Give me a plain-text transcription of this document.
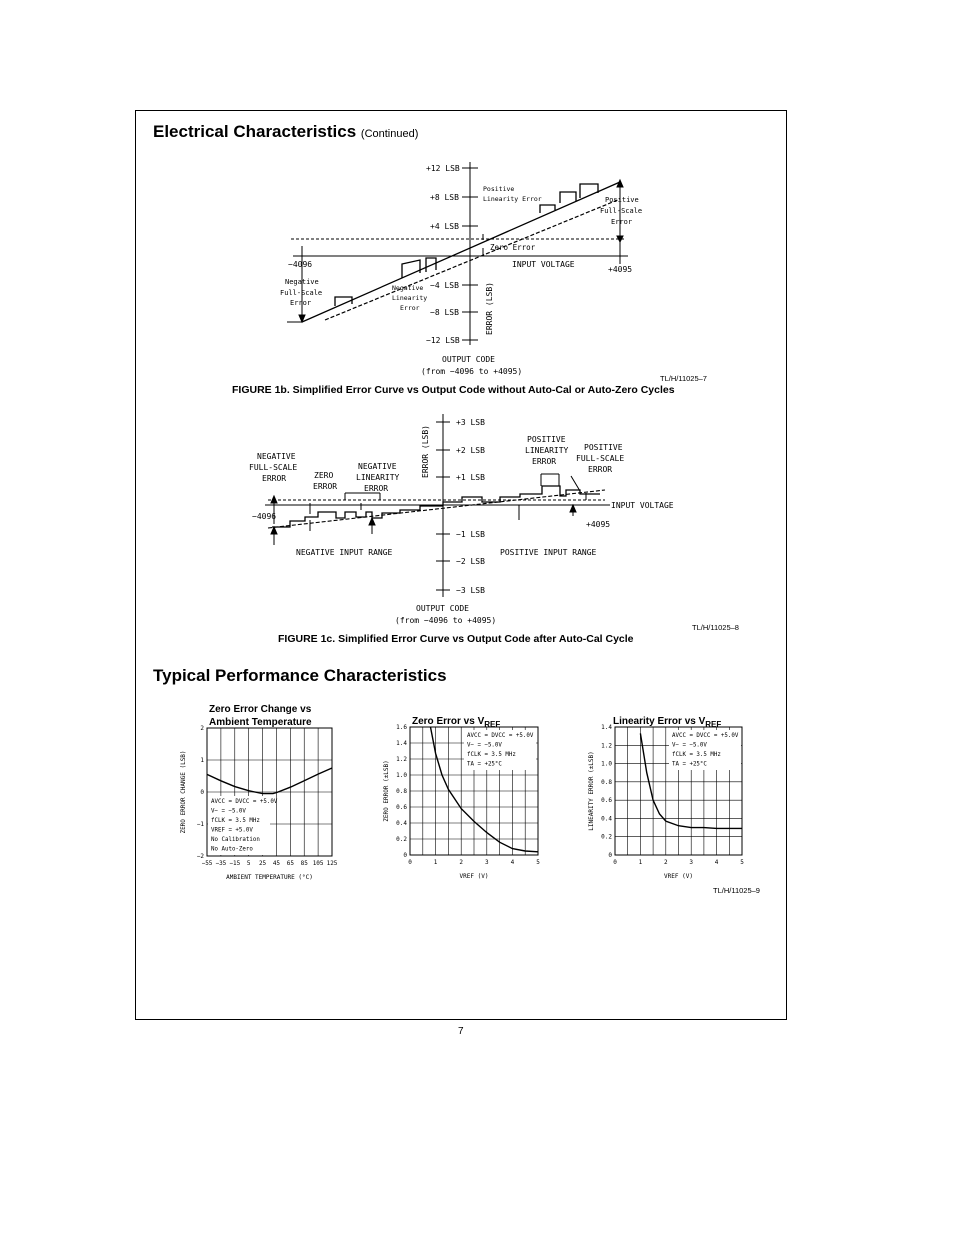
Electrical Characteristics (Continued)
+12 LSB
+8 LSB
+4 LSB
−4 LSB
−8 LSB
−12 LSB
−4096
+4095
INPUT VOLTAGE
Zero Error
Positive
Linearity Error	Positive
Full-Scale
Error
Negative
Full-Scale
Error
Negative
Linearity
Error	ERROR (LSB)
OUTPUT CODE
(from −4096 to +4095)
TL/H/11025–7
FIGURE 1b. Simplified Error Curve vs Output Code without Auto-Cal or Auto-Zero Cycles
+3 LSB
+2 LSB
+1 LSB
−1 LSB
−2 LSB
−3 LSB
ERROR (LSB)
−4096
+4095
INPUT VOLTAGE
NEGATIVE
FULL-SCALE
ERROR	ZERO
ERROR
NEGATIVE
LINEARITY
ERROR
POSITIVE
LINEARITY
ERROR
POSITIVE
FULL-SCALE
ERROR
NEGATIVE INPUT RANGE	POSITIVE INPUT RANGE
OUTPUT CODE
(from −4096 to +4095)
TL/H/11025–8
FIGURE 1c. Simplified Error Curve vs Output Code after Auto-Cal Cycle
Typical Performance Characteristics
Zero Error Change vs
Ambient Temperature	Zero Error vs $V_{REF}$	Linearity Error vs $V_{REF}$
TL/H/11025–9
−55 −35 −15 5 25 45 65 85 105 125
2
1
0
−1
−2
AMBIENT TEMPERATURE (°C)
ZERO ERROR CHANGE (LSB)	AVCC = DVCC = +5.0V
V− = −5.0V
fCLK = 3.5 MHz
VREF = +5.0V
No Calibration
No Auto-Zero
0	1	2	3	4	5
1.6
1.4
1.2
1.0
0.8
0.6
0.4
0.2
0
VREF (V)
ZERO ERROR (±LSB)
AVCC = DVCC = +5.0V
V− = −5.0V
fCLK = 3.5 MHz
TA = +25°C
0	1	2	3	4	5
1.4
1.2
1.0
0.8
0.6
0.4
0.2
0
VREF (V)
LINEARITY ERROR (±LSB)
AVCC = DVCC = +5.0V
V− = −5.0V
fCLK = 3.5 MHz
TA = +25°C
7
